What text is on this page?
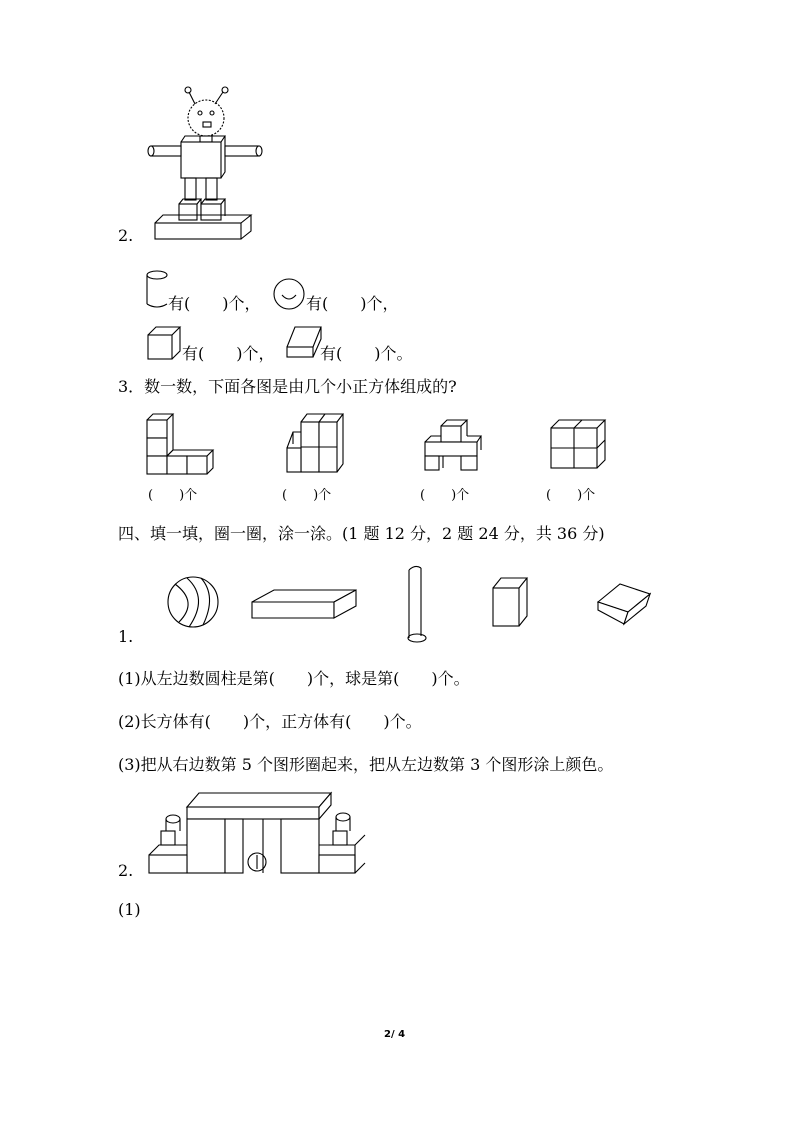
2.
有(　　)个，	有(　　)个，
有(　　)个，	有(　　)个。
3．数一数，下面各图是由几个小正方体组成的?
(　　)个	(　　)个	(　　)个	(　　)个
四、填一填，圈一圈，涂一涂。(1 题 12 分，2 题 24 分，共 36 分)
1.
(1)从左边数圆柱是第(　　)个，球是第(　　)个。
(2)长方体有(　　)个，正方体有(　　)个。
(3)把从右边数第 5 个图形圈起来，把从左边数第 3 个图形涂上颜色。
2.
(1)
2/ 4
